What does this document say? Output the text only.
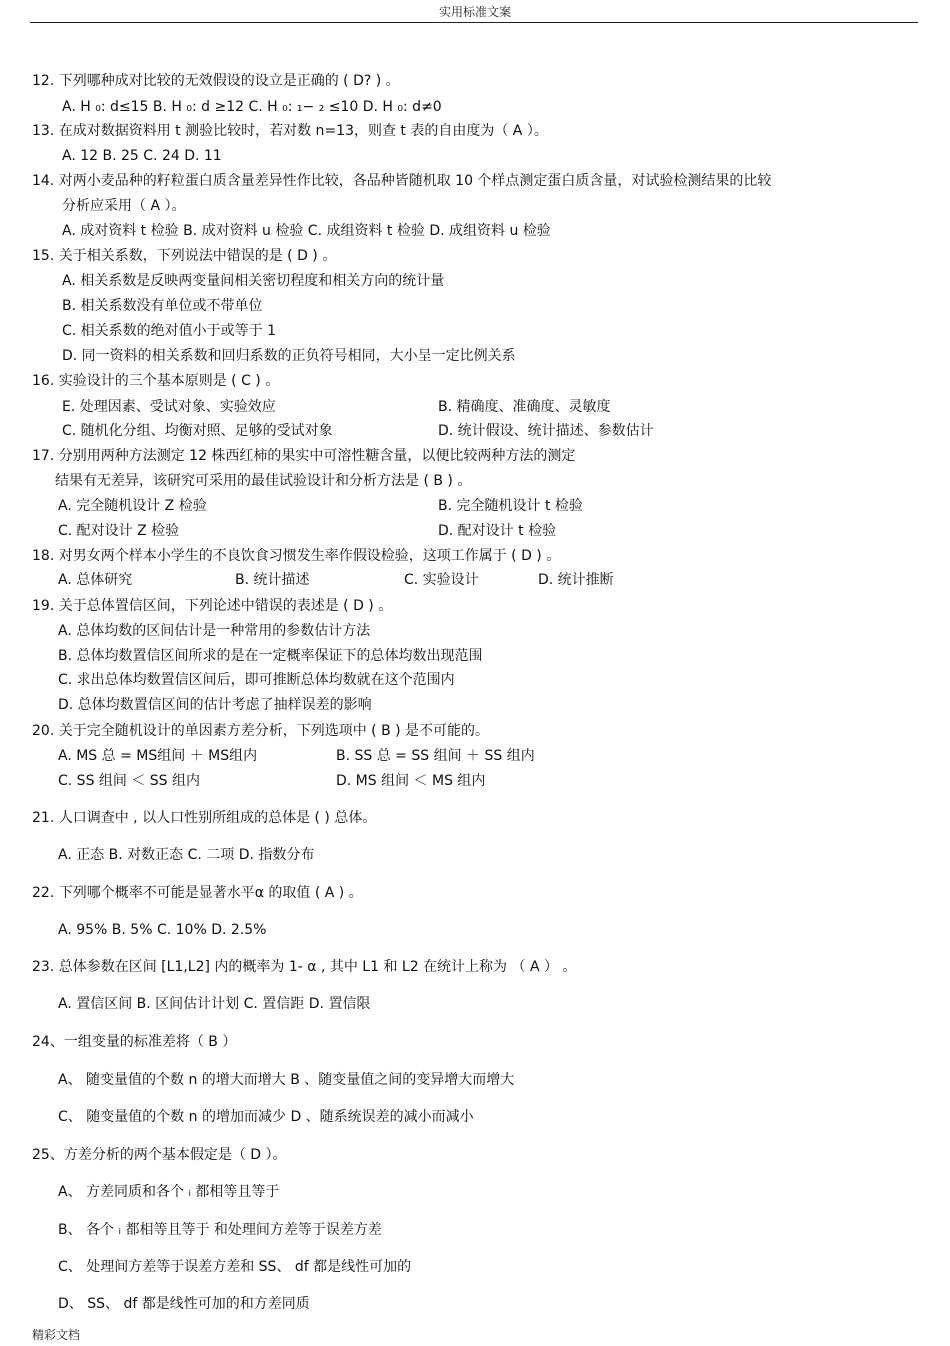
实用标准文案
12. 下列哪种成对比较的无效假设的设立是正确的 ( D? ) 。
A. H ₀: d≤15 B. H ₀: d ≥12 C. H ₀: ₁− ₂ ≤10 D. H ₀: d≠0
13. 在成对数据资料用 t 测验比较时，若对数 n=13，则查 t 表的自由度为（ A ）。
A. 12 B. 25 C. 24 D. 11
14. 对两小麦品种的籽粒蛋白质含量差异性作比较，各品种皆随机取 10 个样点测定蛋白质含量，对试验检测结果的比较
分析应采用（ A ）。
A. 成对资料 t 检验 B. 成对资料 u 检验 C. 成组资料 t 检验 D. 成组资料 u 检验
15. 关于相关系数，下列说法中错误的是 ( D ) 。
A. 相关系数是反映两变量间相关密切程度和相关方向的统计量
B. 相关系数没有单位或不带单位
C. 相关系数的绝对值小于或等于 1
D. 同一资料的相关系数和回归系数的正负符号相同，大小呈一定比例关系
16. 实验设计的三个基本原则是 ( C ) 。
E. 处理因素、受试对象、实验效应	B. 精确度、准确度、灵敏度
C. 随机化分组、均衡对照、足够的受试对象	D. 统计假设、统计描述、参数估计
17. 分别用两种方法测定 12 株西红柿的果实中可溶性糖含量，以便比较两种方法的测定
结果有无差异，该研究可采用的最佳试验设计和分析方法是 ( B ) 。
A. 完全随机设计 Z 检验	B. 完全随机设计 t 检验
C. 配对设计 Z 检验	D. 配对设计 t 检验
18. 对男女两个样本小学生的不良饮食习惯发生率作假设检验，这项工作属于 ( D ) 。
A. 总体研究	B. 统计描述	C. 实验设计	D. 统计推断
19. 关于总体置信区间，下列论述中错误的表述是 ( D ) 。
A. 总体均数的区间估计是一种常用的参数估计方法
B. 总体均数置信区间所求的是在一定概率保证下的总体均数出现范围
C. 求出总体均数置信区间后，即可推断总体均数就在这个范围内
D. 总体均数置信区间的估计考虑了抽样误差的影响
20. 关于完全随机设计的单因素方差分析，下列选项中 ( B ) 是不可能的。
A. MS 总 = MS组间 ＋ MS组内	B. SS 总 = SS 组间 ＋ SS 组内
C. SS 组间 ＜ SS 组内	D. MS 组间 ＜ MS 组内
21. 人口调查中 , 以人口性别所组成的总体是 ( ) 总体。
A. 正态 B. 对数正态 C. 二项 D. 指数分布
22. 下列哪个概率不可能是显著水平α 的取值 ( A ) 。
A. 95% B. 5% C. 10% D. 2.5%
23. 总体参数在区间 [L1,L2] 内的概率为 1- α , 其中 L1 和 L2 在统计上称为 （ A ） 。
A. 置信区间 B. 区间估计计划 C. 置信距 D. 置信限
24、一组变量的标准差将（ B ）
A、 随变量值的个数 n 的增大而增大 B 、随变量值之间的变异增大而增大
C、 随变量值的个数 n 的增加而减少 D 、随系统误差的减小而减小
25、方差分析的两个基本假定是（ D ）。
A、 方差同质和各个 ᵢ 都相等且等于
B、 各个 ᵢ 都相等且等于 和处理间方差等于误差方差
C、 处理间方差等于误差方差和 SS、 df 都是线性可加的
D、 SS、 df 都是线性可加的和方差同质
精彩文档
